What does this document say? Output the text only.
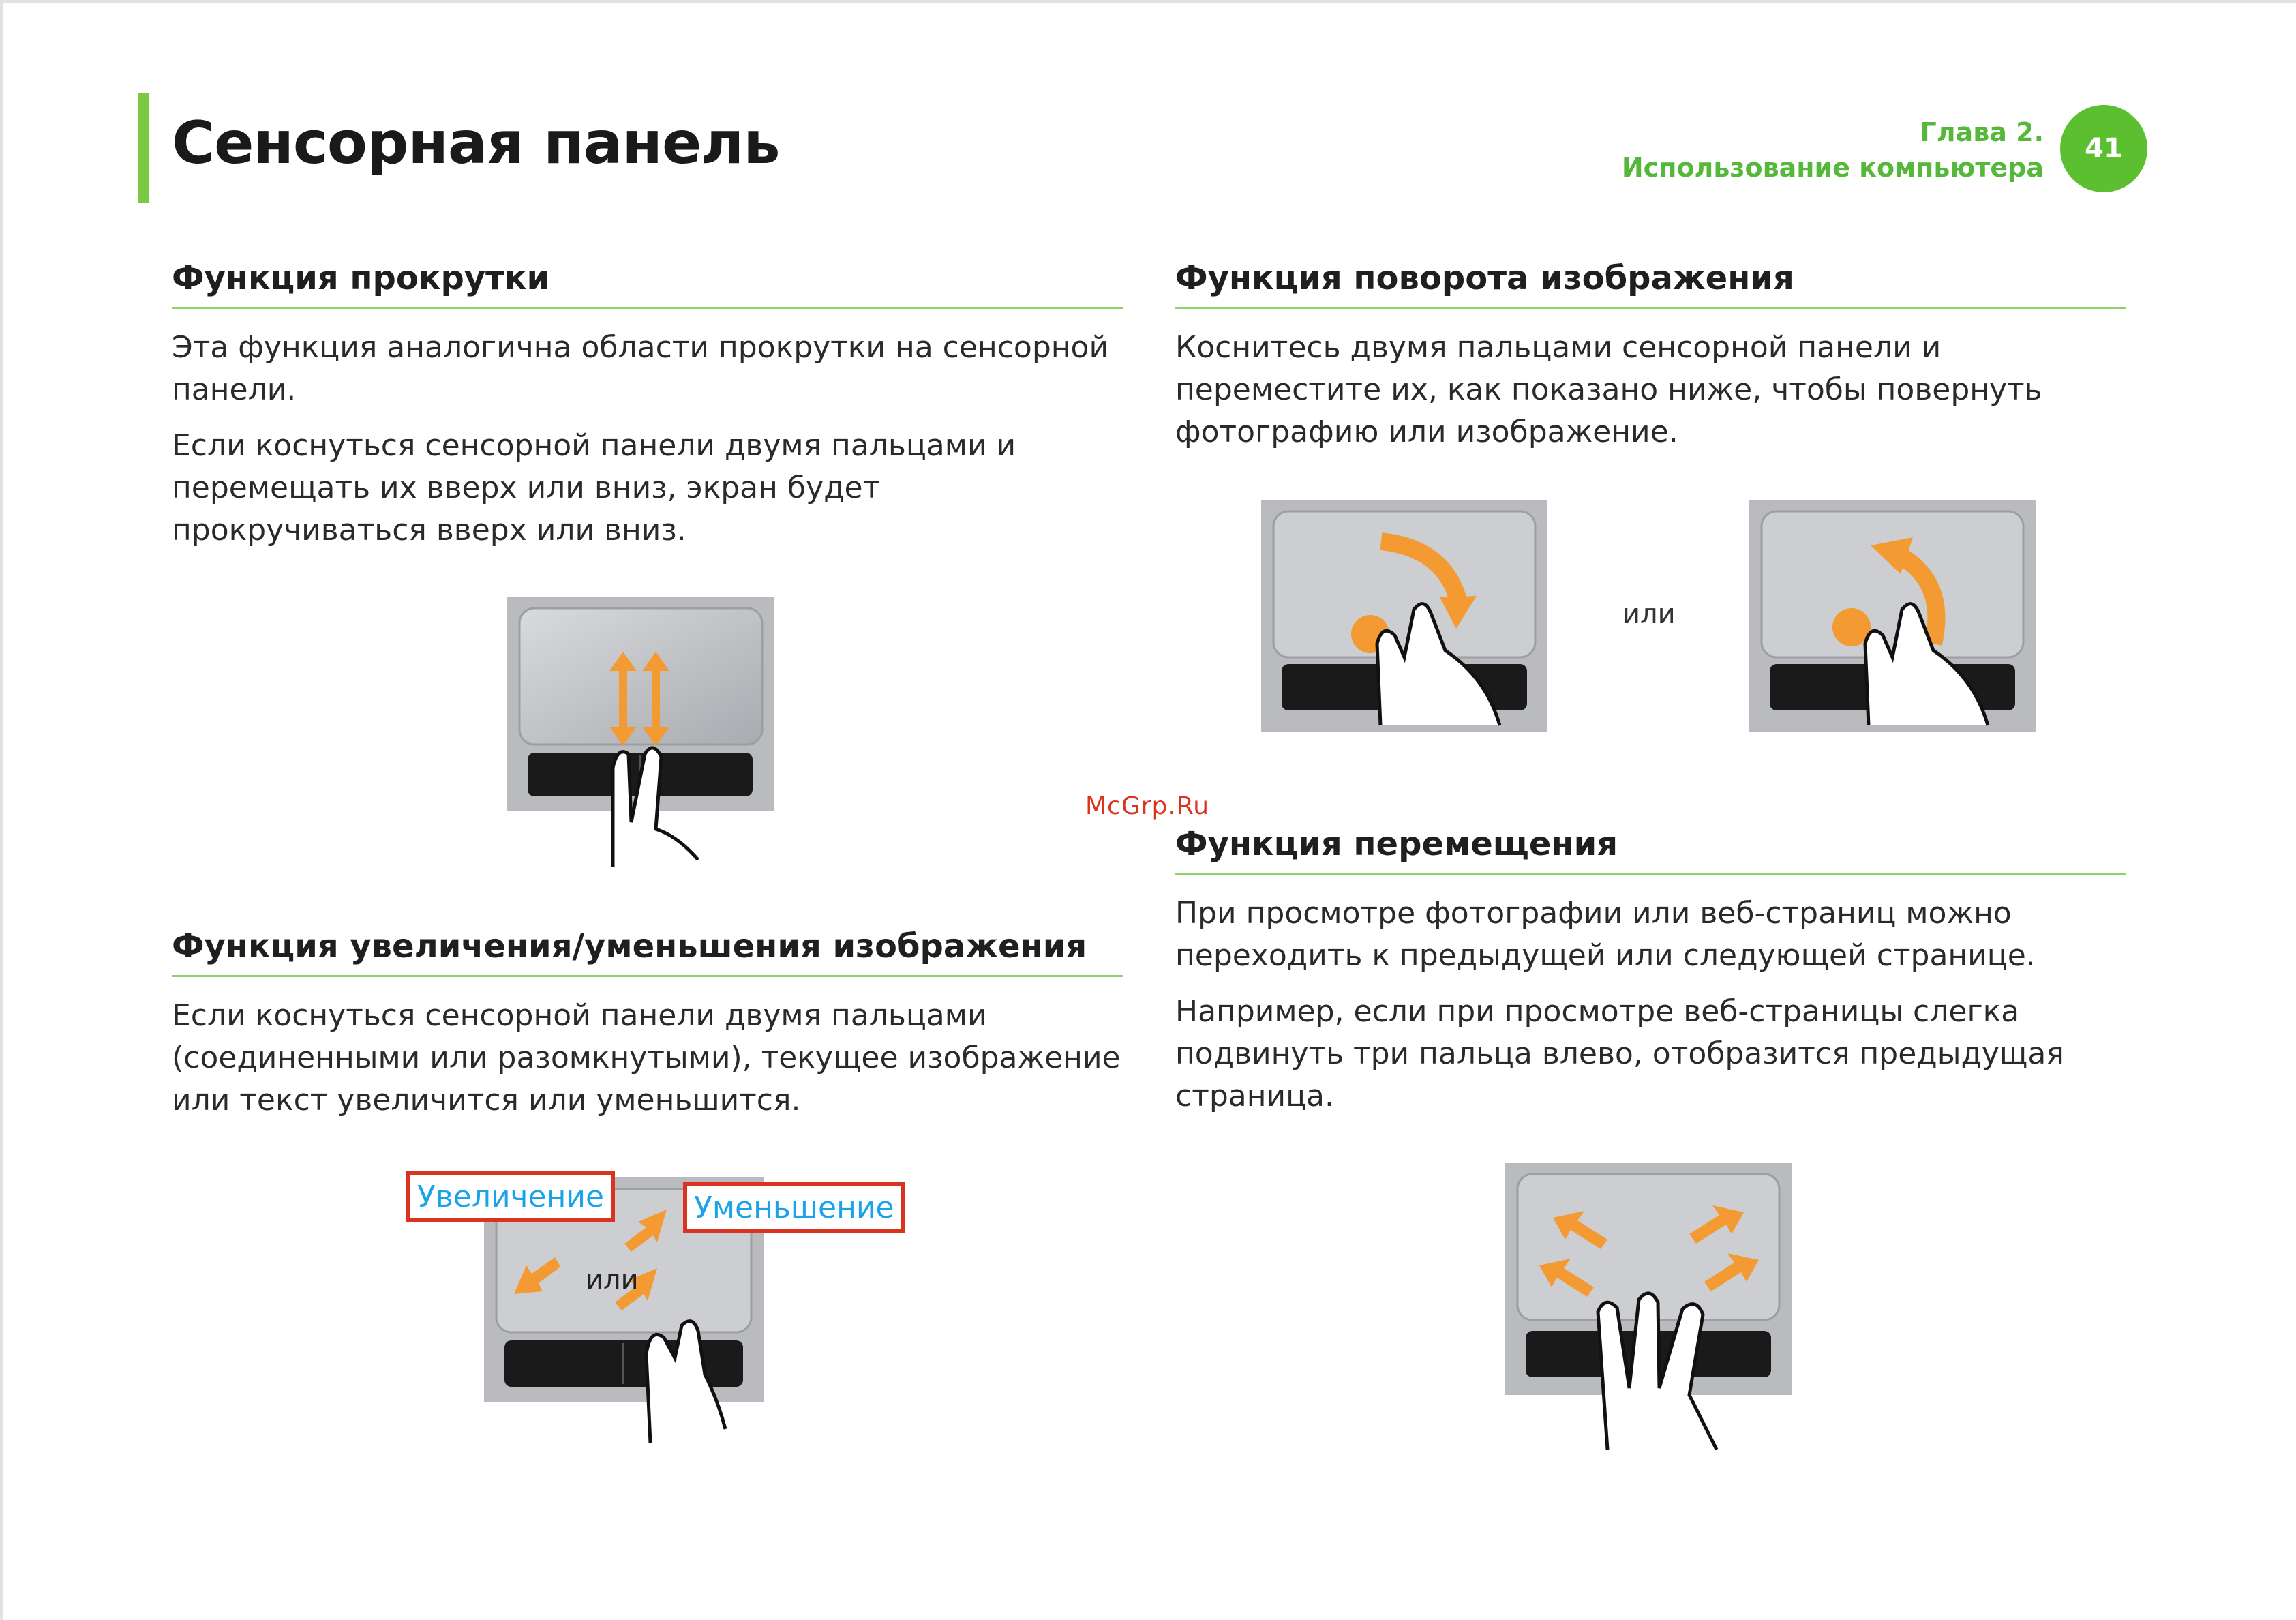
Сенсорная панель	Глава 2.
Использование компьютера
41
Функция прокрутки
Эта функция аналогична области прокрутки на сенсорной панели.
Если коснуться сенсорной панели двумя пальцами и перемещать их вверх или вниз, экран будет прокручиваться вверх или вниз.
Функция увеличения/уменьшения изображения
Если коснуться сенсорной панели двумя пальцами (соединенными или разомкнутыми), текущее изображение или текст увеличится или уменьшится.
или
Увеличение	Уменьшение
Функция поворота изображения
Коснитесь двумя пальцами сенсорной панели и переместите их, как показано ниже, чтобы повернуть фотографию или изображение.
или
McGrp.Ru
Функция перемещения
При просмотре фотографии или веб-страниц можно переходить к предыдущей или следующей странице.
Например, если при просмотре веб-страницы слегка подвинуть три пальца влево, отобразится предыдущая страница.
